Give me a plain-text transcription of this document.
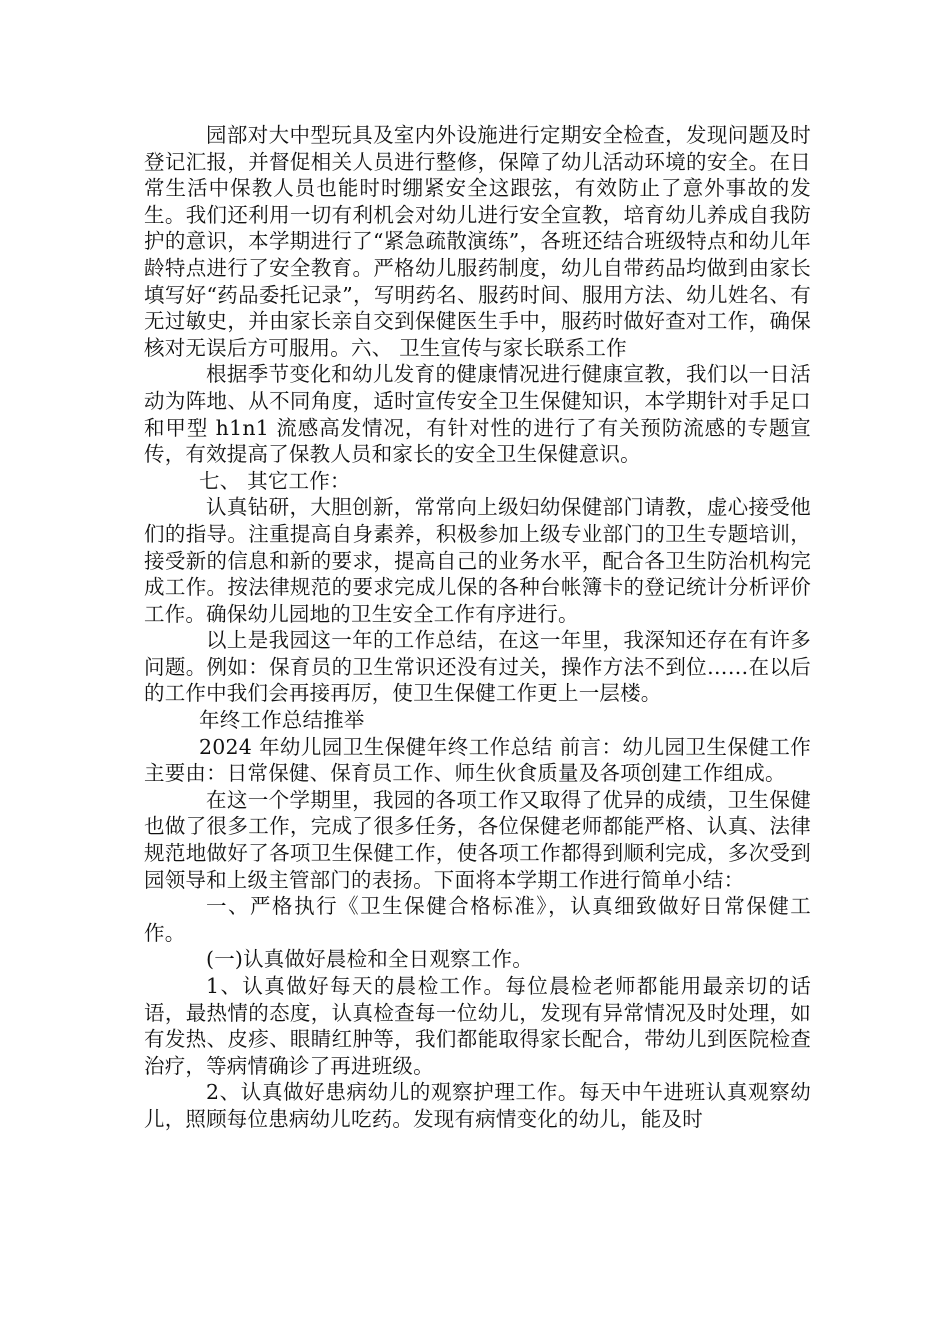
园部对大中型玩具及室内外设施进行定期安全检查，发现问题及时登记汇报，并督促相关人员进行整修，保障了幼儿活动环境的安全。在日常生活中保教人员也能时时绷紧安全这跟弦，有效防止了意外事故的发生。我们还利用一切有利机会对幼儿进行安全宣教，培育幼儿养成自我防护的意识，本学期进行了“紧急疏散演练”，各班还结合班级特点和幼儿年龄特点进行了安全教育。严格幼儿服药制度，幼儿自带药品均做到由家长填写好“药品委托记录”，写明药名、服药时间、服用方法、幼儿姓名、有无过敏史，并由家长亲自交到保健医生手中，服药时做好查对工作，确保核对无误后方可服用。六、 卫生宣传与家长联系工作

根据季节变化和幼儿发育的健康情况进行健康宣教，我们以一日活动为阵地、从不同角度，适时宣传安全卫生保健知识，本学期针对手足口和甲型 h1n1 流感高发情况，有针对性的进行了有关预防流感的专题宣传，有效提高了保教人员和家长的安全卫生保健意识。

七、 其它工作：

认真钻研，大胆创新，常常向上级妇幼保健部门请教，虚心接受他们的指导。注重提高自身素养，积极参加上级专业部门的卫生专题培训，接受新的信息和新的要求，提高自己的业务水平，配合各卫生防治机构完成工作。按法律规范的要求完成儿保的各种台帐簿卡的登记统计分析评价工作。确保幼儿园地的卫生安全工作有序进行。

以上是我园这一年的工作总结，在这一年里，我深知还存在有许多问题。例如：保育员的卫生常识还没有过关，操作方法不到位……在以后的工作中我们会再接再厉，使卫生保健工作更上一层楼。

年终工作总结推举

2024 年幼儿园卫生保健年终工作总结 前言：幼儿园卫生保健工作主要由：日常保健、保育员工作、师生伙食质量及各项创建工作组成。

在这一个学期里，我园的各项工作又取得了优异的成绩，卫生保健也做了很多工作，完成了很多任务，各位保健老师都能严格、认真、法律规范地做好了各项卫生保健工作，使各项工作都得到顺利完成，多次受到园领导和上级主管部门的表扬。下面将本学期工作进行简单小结：

一、严格执行《卫生保健合格标准》，认真细致做好日常保健工作。

(一)认真做好晨检和全日观察工作。

1、认真做好每天的晨检工作。每位晨检老师都能用最亲切的话语，最热情的态度，认真检查每一位幼儿，发现有异常情况及时处理，如有发热、皮疹、眼睛红肿等，我们都能取得家长配合，带幼儿到医院检查治疗，等病情确诊了再进班级。

2、认真做好患病幼儿的观察护理工作。每天中午进班认真观察幼儿，照顾每位患病幼儿吃药。发现有病情变化的幼儿，能及时
